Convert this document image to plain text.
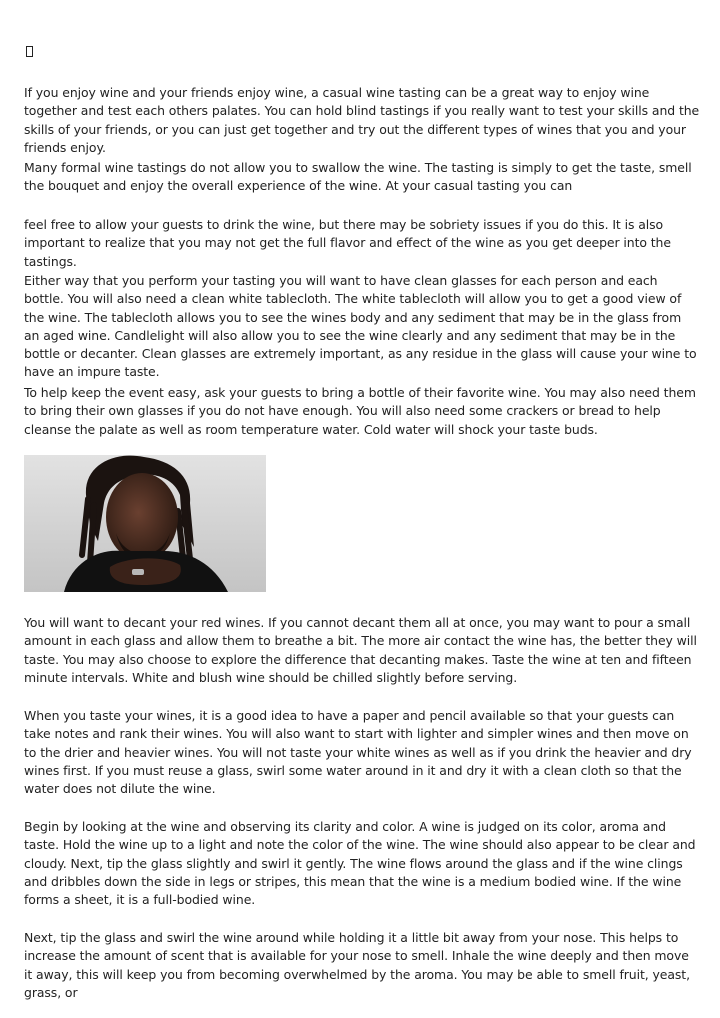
If you enjoy wine and your friends enjoy wine, a casual wine tasting can be a great way to enjoy wine together and test each others palates. You can hold blind tastings if you really want to test your skills and the skills of your friends, or you can just get together and try out the different types of wines that you and your friends enjoy.

Many formal wine tastings do not allow you to swallow the wine. The tasting is simply to get the taste, smell the bouquet and enjoy the overall experience of the wine. At your casual tasting you can

feel free to allow your guests to drink the wine, but there may be sobriety issues if you do this. It is also important to realize that you may not get the full flavor and effect of the wine as you get deeper into the tastings.

Either way that you perform your tasting you will want to have clean glasses for each person and each bottle. You will also need a clean white tablecloth. The white tablecloth will allow you to get a good view of the wine. The tablecloth allows you to see the wines body and any sediment that may be in the glass from an aged wine. Candlelight will also allow you to see the wine clearly and any sediment that may be in the bottle or decanter. Clean glasses are extremely important, as any residue in the glass will cause your wine to have an impure taste.

To help keep the event easy, ask your guests to bring a bottle of their favorite wine. You may also need them to bring their own glasses if you do not have enough. You will also need some crackers or bread to help cleanse the palate as well as room temperature water. Cold water will shock your taste buds.

You will want to decant your red wines. If you cannot decant them all at once, you may want to pour a small amount in each glass and allow them to breathe a bit. The more air contact the wine has, the better they will taste. You may also choose to explore the difference that decanting makes. Taste the wine at ten and fifteen minute intervals. White and blush wine should be chilled slightly before serving.

When you taste your wines, it is a good idea to have a paper and pencil available so that your guests can take notes and rank their wines. You will also want to start with lighter and simpler wines and then move on to the drier and heavier wines. You will not taste your white wines as well as if you drink the heavier and dry wines first. If you must reuse a glass, swirl some water around in it and dry it with a clean cloth so that the water does not dilute the wine.

Begin by looking at the wine and observing its clarity and color. A wine is judged on its color, aroma and taste. Hold the wine up to a light and note the color of the wine. The wine should also appear to be clear and cloudy. Next, tip the glass slightly and swirl it gently. The wine flows around the glass and if the wine clings and dribbles down the side in legs or stripes, this mean that the wine is a medium bodied wine. If the wine forms a sheet, it is a full-bodied wine.

Next, tip the glass and swirl the wine around while holding it a little bit away from your nose. This helps to increase the amount of scent that is available for your nose to smell. Inhale the wine deeply and then move it away, this will keep you from becoming overwhelmed by the aroma. You may be able to smell fruit, yeast, grass, or
